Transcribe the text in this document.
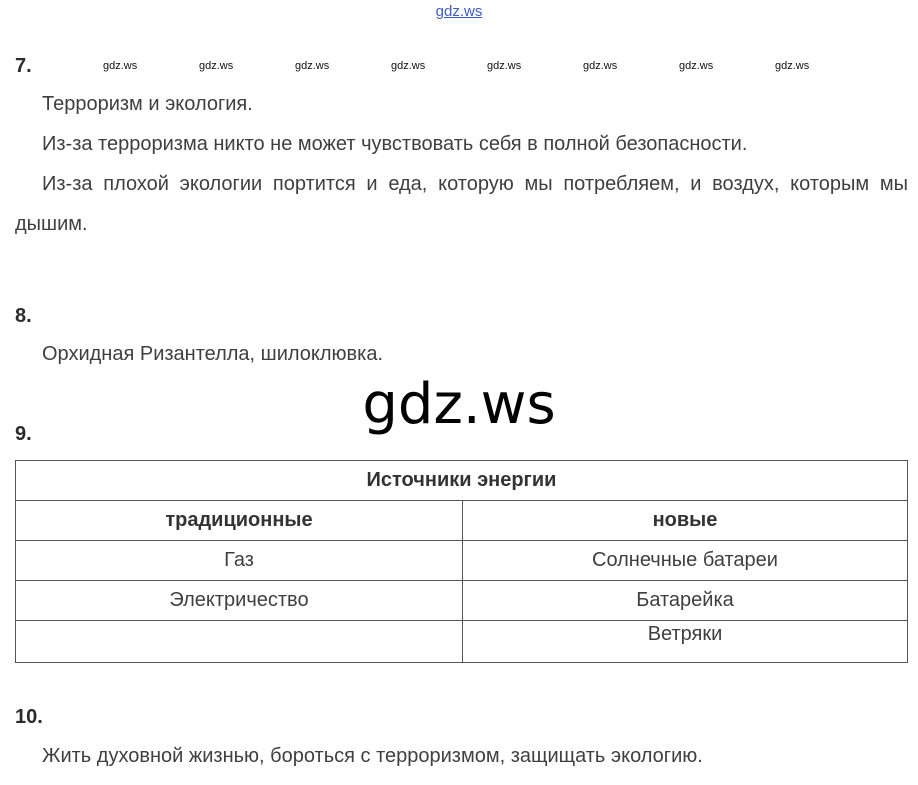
gdz.ws
7.	gdz.ws	gdz.ws	gdz.ws	gdz.ws	gdz.ws	gdz.ws	gdz.ws	gdz.ws
Терроризм и экология.
Из-за терроризма никто не может чувствовать себя в полной безопасности.
Из-за плохой экологии портится и еда, которую мы потребляем, и воздух, которым мы дышим.
8.
Орхидная Ризантелла, шилоклювка.
gdz.ws
9.
Источники энергии	
традиционные	новые
Газ	Солнечные батареи
Электричество	Батарейка
	Ветряки
10.
Жить духовной жизнью, бороться с терроризмом, защищать экологию.
